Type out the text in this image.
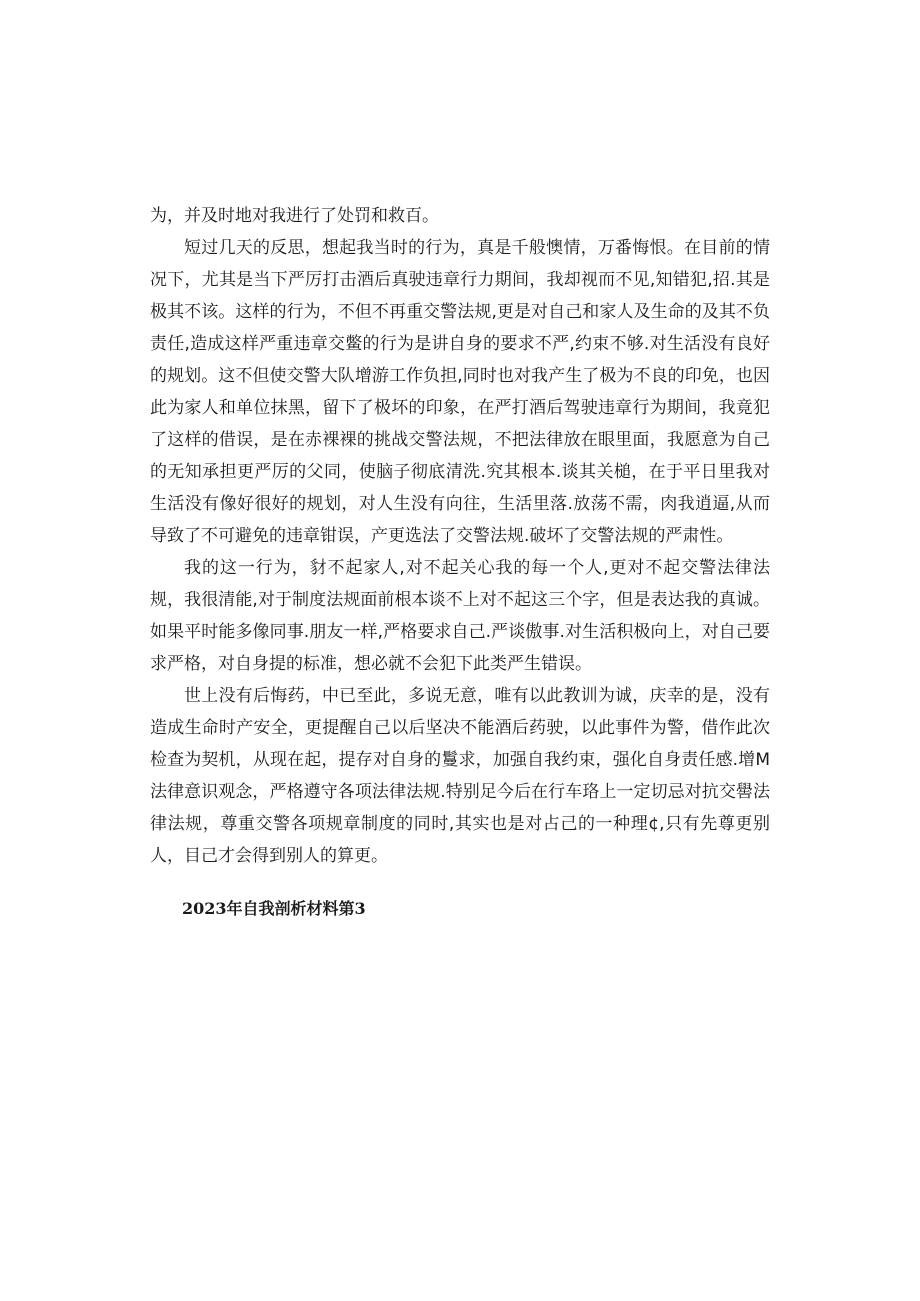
为，并及时地对我进行了处罚和救百。

短过几天的反思，想起我当时的行为，真是千般懊情，万番悔恨。在目前的情况下，尤其是当下严厉打击酒后真驶违章行力期间，我却视而不见,知错犯,招.其是极其不该。这样的行为，不但不再重交警法规,更是对自己和家人及生命的及其不负责任,造成这样严重违章交鳖的行为是讲自身的要求不严,约束不够.对生活没有良好的规划。这不但使交警大队增游工作负担,同时也对我产生了极为不良的印免，也因此为家人和单位抹黑，留下了极坏的印象，在严打酒后驾驶违章行为期间，我竟犯了这样的借误，是在赤裸裸的挑战交警法规，不把法律放在眼里面，我愿意为自己的无知承担更严厉的父同，使脑子彻底清洗.究其根本.谈其关槌，在于平日里我对生活没有像好很好的规划，对人生没有向往，生活里落.放荡不需，肉我逍逼,从而导致了不可避免的违章钳误，产更选法了交警法规.破坏了交警法规的严肃性。

我的这一行为，豺不起家人,对不起关心我的每一个人,更对不起交警法律法规，我很清能,对于制度法规面前根本谈不上对不起这三个字，但是表达我的真诚。如果平时能多像同事.朋友一样,严格要求自己.严谈傲事.对生活积极向上，对自己要求严格，对自身提的标准，想必就不会犯下此类严生错误。

世上没有后悔药，中已至此，多说无意，唯有以此教训为诚，庆幸的是，没有造成生命时产安全，更提醒自己以后坚决不能酒后药驶，以此事件为警，借作此次检查为契机，从现在起，提存对自身的鬘求，加强自我约束，强化自身责任感.增M法律意识观念，严格遵守各项法律法规.特别足今后在行车珞上一定切忌对抗交嚳法律法规，尊重交警各项规章制度的同时,其实也是对占己的一种理¢,只有先尊更别人，目己才会得到别人的算更。

2023年自我剖析材料第3
